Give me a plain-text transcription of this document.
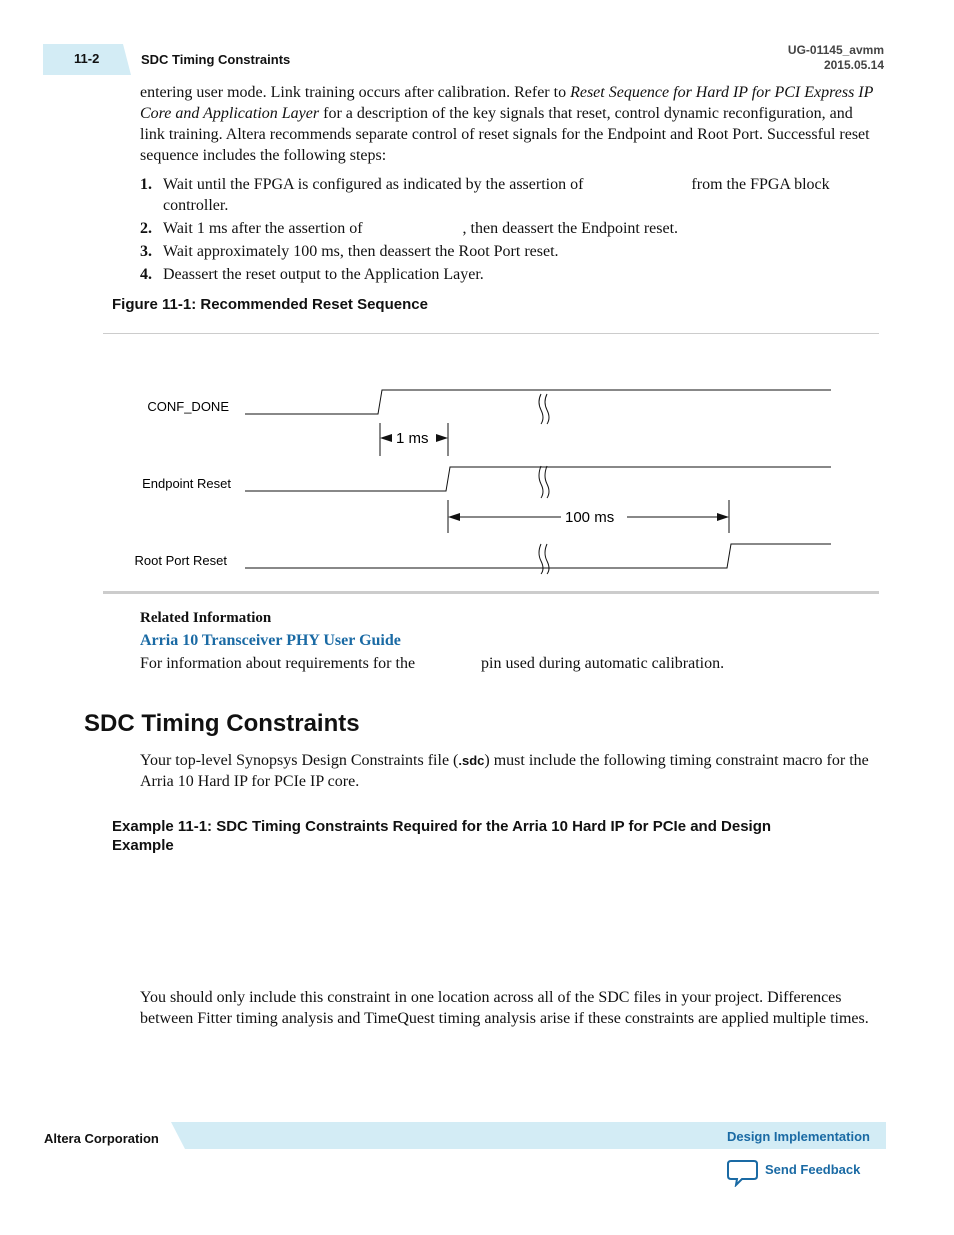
11-2	SDC Timing Constraints
UG-01145_avmm
2015.05.14

entering user mode. Link training occurs after calibration. Refer to Reset Sequence for Hard IP for PCI Express IP Core and Application Layer for a description of the key signals that reset, control dynamic reconfiguration, and link training. Altera recommends separate control of reset signals for the Endpoint and Root Port. Successful reset sequence includes the following steps:

1. Wait until the FPGA is configured as indicated by the assertion of	from the FPGA block controller.
2. Wait 1 ms after the assertion of	, then deassert the Endpoint reset.
3. Wait approximately 100 ms, then deassert the Root Port reset.
4. Deassert the reset output to the Application Layer.
Figure 11-1: Recommended Reset Sequence
CONF_DONE
Endpoint Reset
Root Port Reset
1 ms
100 ms
Related Information
Arria 10 Transceiver PHY User Guide

For information about requirements for the	pin used during automatic calibration.

SDC Timing Constraints

Your top-level Synopsys Design Constraints file (.sdc) must include the following timing constraint macro for the Arria 10 Hard IP for PCIe IP core.

Example 11-1: SDC Timing Constraints Required for the Arria 10 Hard IP for PCIe and Design Example

You should only include this constraint in one location across all of the SDC files in your project. Differences between Fitter timing analysis and TimeQuest timing analysis arise if these constraints are applied multiple times.

Altera Corporation	Design Implementation
Send Feedback
